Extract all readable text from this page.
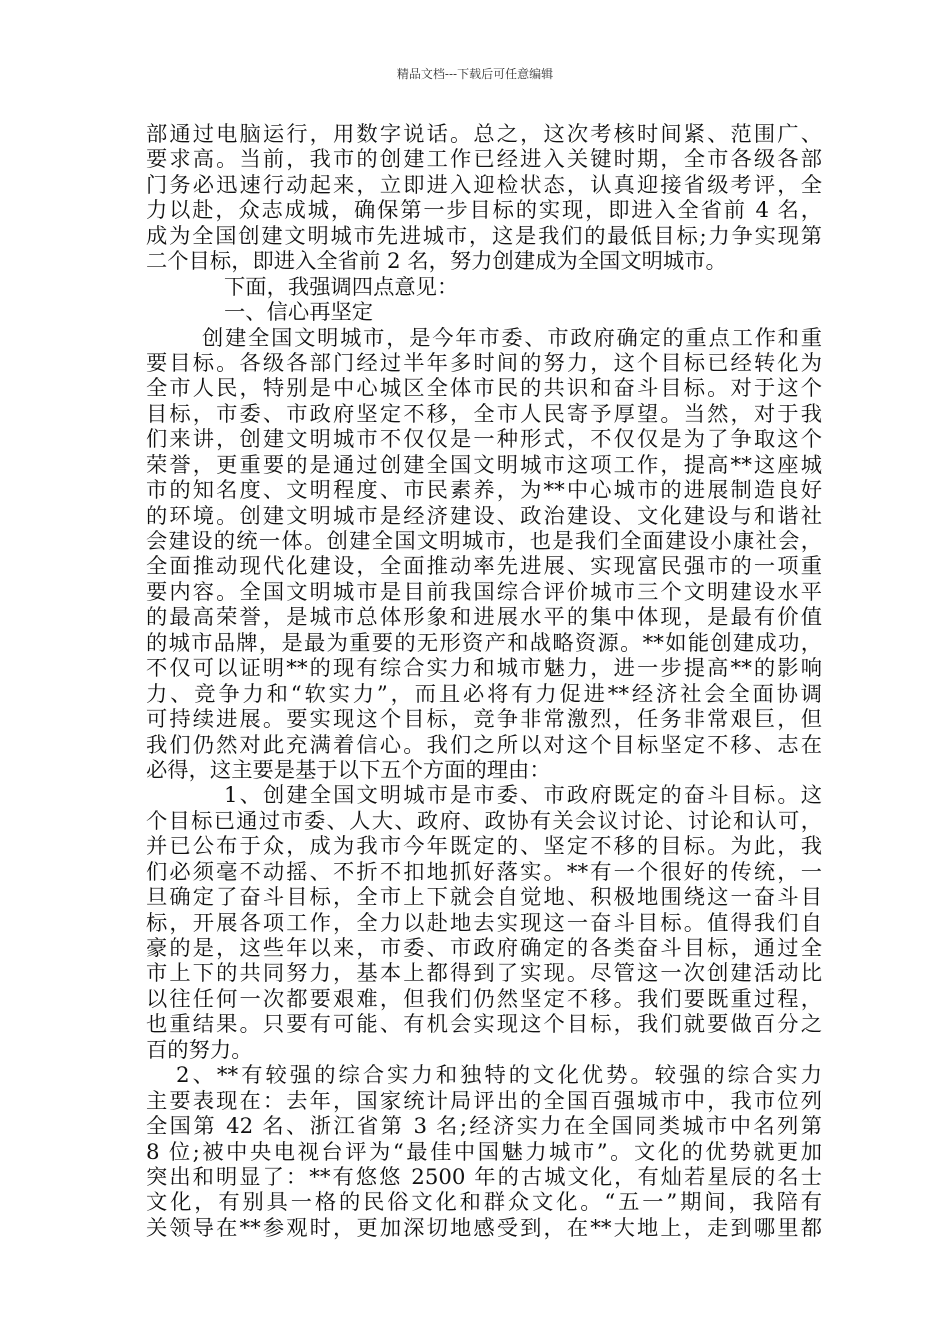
精品文档---下载后可任意编辑
部通过电脑运行，用数字说话。总之，这次考核时间紧、范围广、
要求高。当前，我市的创建工作已经进入关键时期，全市各级各部
门务必迅速行动起来，立即进入迎检状态，认真迎接省级考评，全
力以赴，众志成城，确保第一步目标的实现，即进入全省前 4 名，
成为全国创建文明城市先进城市，这是我们的最低目标;力争实现第
二个目标，即进入全省前 2 名，努力创建成为全国文明城市。
下面，我强调四点意见：
一、信心再坚定
创建全国文明城市，是今年市委、市政府确定的重点工作和重
要目标。各级各部门经过半年多时间的努力，这个目标已经转化为
全市人民，特别是中心城区全体市民的共识和奋斗目标。对于这个
目标，市委、市政府坚定不移，全市人民寄予厚望。当然，对于我
们来讲，创建文明城市不仅仅是一种形式，不仅仅是为了争取这个
荣誉，更重要的是通过创建全国文明城市这项工作，提高**这座城
市的知名度、文明程度、市民素养，为**中心城市的进展制造良好
的环境。创建文明城市是经济建设、政治建设、文化建设与和谐社
会建设的统一体。创建全国文明城市，也是我们全面建设小康社会，
全面推动现代化建设，全面推动率先进展、实现富民强市的一项重
要内容。全国文明城市是目前我国综合评价城市三个文明建设水平
的最高荣誉，是城市总体形象和进展水平的集中体现，是最有价值
的城市品牌，是最为重要的无形资产和战略资源。**如能创建成功，
不仅可以证明**的现有综合实力和城市魅力，进一步提高**的影响
力、竞争力和“软实力”，而且必将有力促进**经济社会全面协调
可持续进展。要实现这个目标，竞争非常激烈，任务非常艰巨，但
我们仍然对此充满着信心。我们之所以对这个目标坚定不移、志在
必得，这主要是基于以下五个方面的理由：
1、创建全国文明城市是市委、市政府既定的奋斗目标。这
个目标已通过市委、人大、政府、政协有关会议讨论、讨论和认可，
并已公布于众，成为我市今年既定的、坚定不移的目标。为此，我
们必须毫不动摇、不折不扣地抓好落实。**有一个很好的传统，一
旦确定了奋斗目标，全市上下就会自觉地、积极地围绕这一奋斗目
标，开展各项工作，全力以赴地去实现这一奋斗目标。值得我们自
豪的是，这些年以来，市委、市政府确定的各类奋斗目标，通过全
市上下的共同努力，基本上都得到了实现。尽管这一次创建活动比
以往任何一次都要艰难，但我们仍然坚定不移。我们要既重过程，
也重结果。只要有可能、有机会实现这个目标，我们就要做百分之
百的努力。
2、**有较强的综合实力和独特的文化优势。较强的综合实力
主要表现在：去年，国家统计局评出的全国百强城市中，我市位列
全国第 42 名、浙江省第 3 名;经济实力在全国同类城市中名列第
8 位;被中央电视台评为“最佳中国魅力城市”。文化的优势就更加
突出和明显了：**有悠悠 2500 年的古城文化，有灿若星辰的名士
文化，有别具一格的民俗文化和群众文化。“五一”期间，我陪有
关领导在**参观时，更加深切地感受到，在**大地上，走到哪里都
